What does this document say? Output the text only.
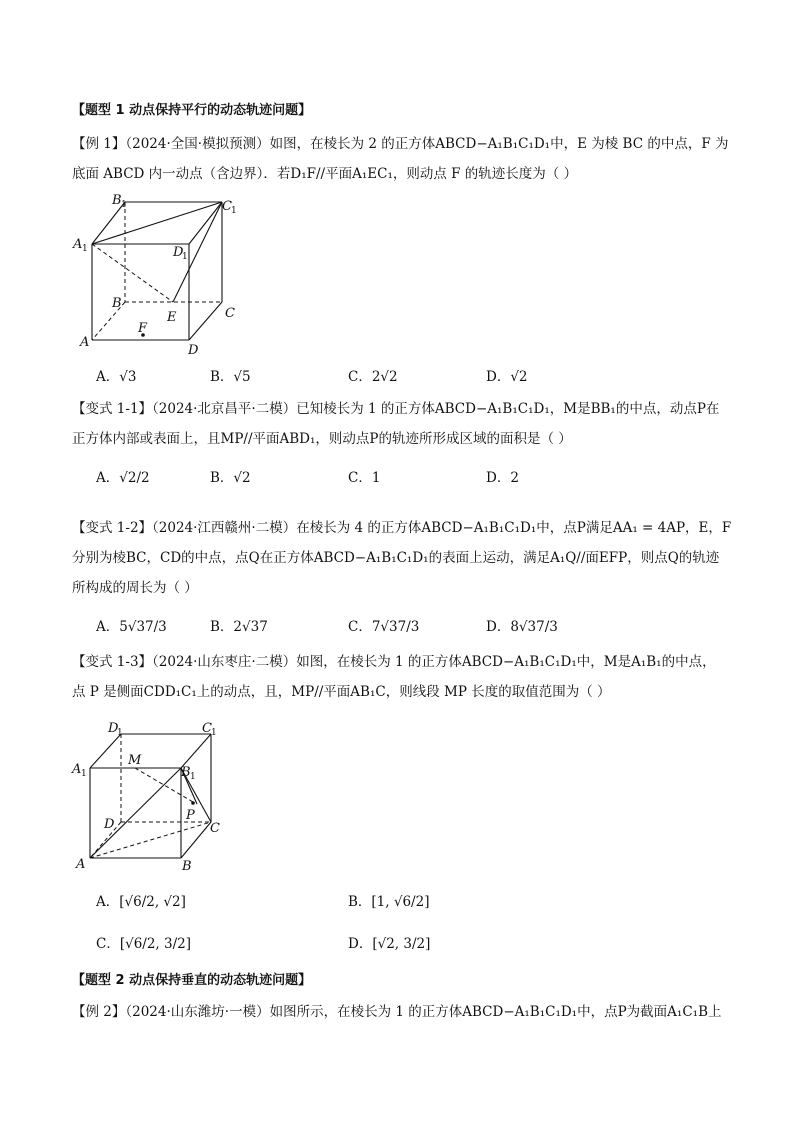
【题型 1 动点保持平行的动态轨迹问题】
【例 1】（2024·全国·模拟预测）如图，在棱长为 2 的正方体ABCD−A₁B₁C₁D₁中，E 为棱 BC 的中点，F 为
底面 ABCD 内一动点（含边界）．若D₁F//平面A₁EC₁，则动点 F 的轨迹长度为（ ）
B 1	C 1
A 1	D
1
B
E	C
F
A
D
A．√3	B．√5	C．2√2	D．√2
【变式 1-1】（2024·北京昌平·二模）已知棱长为 1 的正方体ABCD−A₁B₁C₁D₁，M是BB₁的中点，动点P在
正方体内部或表面上，且MP//平面ABD₁，则动点P的轨迹所形成区域的面积是（ ）
A．√2/2	B．√2	C．1	D．2
【变式 1-2】（2024·江西赣州·二模）在棱长为 4 的正方体ABCD−A₁B₁C₁D₁中，点P满足AA₁ = 4AP，E，F
分别为棱BC，CD的中点，点Q在正方体ABCD−A₁B₁C₁D₁的表面上运动，满足A₁Q//面EFP，则点Q的轨迹
所构成的周长为（ ）
A．5√37/3	B．2√37	C．7√37/3	D．8√37/3
【变式 1-3】（2024·山东枣庄·二模）如图，在棱长为 1 的正方体ABCD−A₁B₁C₁D₁中，M是A₁B₁的中点，
点 P 是侧面CDD₁C₁上的动点，且，MP//平面AB₁C，则线段 MP 长度的取值范围为（ ）
D
1	C 1
M
A 1	B 1
P
D	C
A	B
A．[√6/2, √2]	B．[1, √6/2]
C．[√6/2, 3/2]	D．[√2, 3/2]
【题型 2 动点保持垂直的动态轨迹问题】
【例 2】（2024·山东潍坊·一模）如图所示，在棱长为 1 的正方体ABCD−A₁B₁C₁D₁中，点P为截面A₁C₁B上
